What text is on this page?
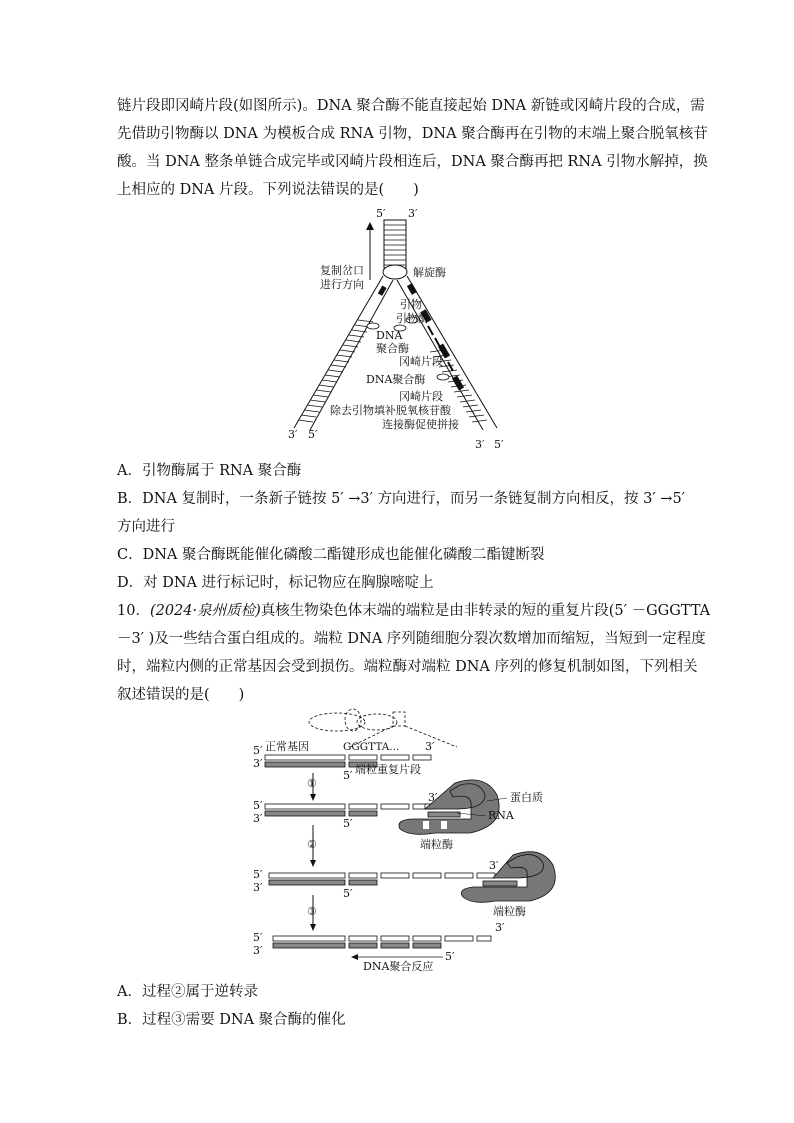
链片段即冈崎片段(如图所示)。DNA 聚合酶不能直接起始 DNA 新链或冈崎片段的合成，需
先借助引物酶以 DNA 为模板合成 RNA 引物，DNA 聚合酶再在引物的末端上聚合脱氧核苷
酸。当 DNA 整条单链合成完毕或冈崎片段相连后，DNA 聚合酶再把 RNA 引物水解掉，换
上相应的 DNA 片段。下列说法错误的是(　　)
5′ 3′
解旋酶
复制岔口
进行方向
引物
引物酶
DNA
聚合酶
冈崎片段
DNA聚合酶
冈崎片段
除去引物填补脱氧核苷酸
连接酶促使拼接
3′ 5′
3′ 5′
A．引物酶属于 RNA 聚合酶
B．DNA 复制时，一条新子链按 5′ →3′ 方向进行，而另一条链复制方向相反，按 3′ →5′
方向进行
C．DNA 聚合酶既能催化磷酸二酯键形成也能催化磷酸二酯键断裂
D．对 DNA 进行标记时，标记物应在胸腺嘧啶上
10．(2024·泉州质检)真核生物染色体末端的端粒是由非转录的短的重复片段(5′ －GGGTTA
－3′ )及一些结合蛋白组成的。端粒 DNA 序列随细胞分裂次数增加而缩短，当短到一定程度
时，端粒内侧的正常基因会受到损伤。端粒酶对端粒 DNA 序列的修复机制如图，下列相关
叙述错误的是(　　)
5′
3′
正常基因	GGGTTA... 3′
5′ 端粒重复片段
①
5′
3′	5′
3′	蛋白质
RNA
端粒酶
②
5′
3′	5′
3′
端粒酶
③
5′
3′
3′
5′
DNA聚合反应
A．过程②属于逆转录
B．过程③需要 DNA 聚合酶的催化
